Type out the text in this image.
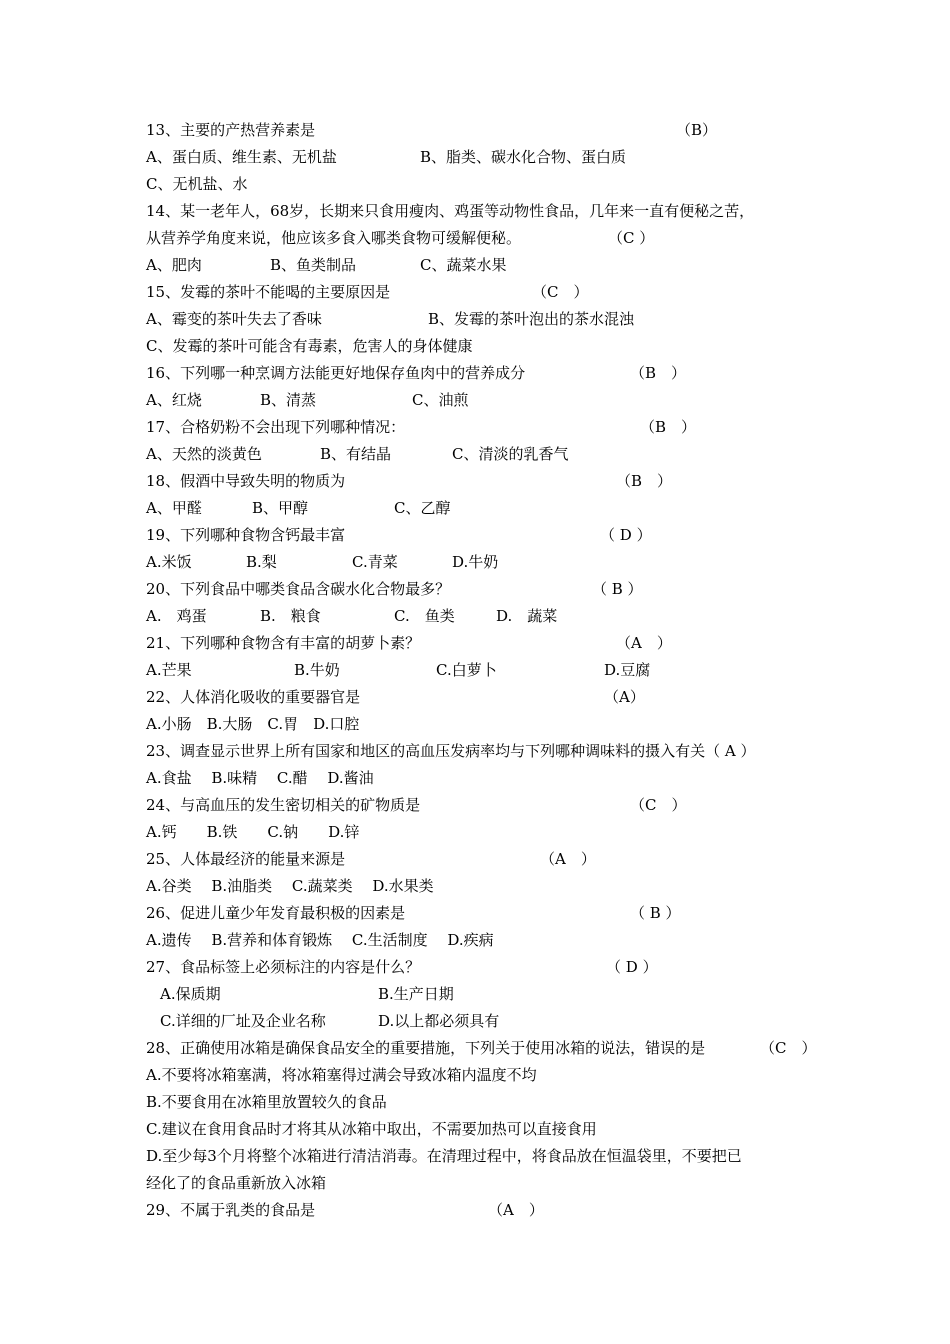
13、主要的产热营养素是	（B）
A、蛋白质、维生素、无机盐	B、脂类、碳水化合物、蛋白质
C、无机盐、水
14、某一老年人，68岁，长期来只食用瘦肉、鸡蛋等动物性食品，几年来一直有便秘之苦，
从营养学角度来说，他应该多食入哪类食物可缓解便秘。	（C ）
A、肥肉	B、鱼类制品	C、蔬菜水果
15、发霉的茶叶不能喝的主要原因是	（C　）
A、霉变的茶叶失去了香味	B、发霉的茶叶泡出的茶水混浊
C、发霉的茶叶可能含有毒素，危害人的身体健康
16、下列哪一种烹调方法能更好地保存鱼肉中的营养成分	（B　）
A、红烧	B、清蒸	C、油煎
17、合格奶粉不会出现下列哪种情况：	（B　）
A、天然的淡黄色	B、有结晶	C、清淡的乳香气
18、假酒中导致失明的物质为	（B　）
A、甲醛	B、甲醇	C、乙醇
19、下列哪种食物含钙最丰富	（ D ）
A.米饭	B.梨	C.青菜	D.牛奶
20、下列食品中哪类食品含碳水化合物最多？	（ B ）
A.　鸡蛋	B.　粮食	C.　鱼类	D.　蔬菜
21、下列哪种食物含有丰富的胡萝卜素？	（A　）
A.芒果	B.牛奶	C.白萝卜	D.豆腐
22、人体消化吸收的重要器官是	（A）
A.小肠　B.大肠　C.胃　D.口腔
23、调查显示世界上所有国家和地区的高血压发病率均与下列哪种调味料的摄入有关（ A ）
A.食盐　 B.味精　 C.醋　 D.酱油
24、与高血压的发生密切相关的矿物质是	（C　）
A.钙　　B.铁　　C.钠　　D.锌
25、人体最经济的能量来源是	（A　）
A.谷类　 B.油脂类　 C.蔬菜类　 D.水果类
26、促进儿童少年发育最积极的因素是	（ B ）
A.遗传　 B.营养和体育锻炼　 C.生活制度　 D.疾病
27、食品标签上必须标注的内容是什么？	（ D ）
A.保质期	B.生产日期
C.详细的厂址及企业名称	D.以上都必须具有
28、正确使用冰箱是确保食品安全的重要措施，下列关于使用冰箱的说法，错误的是	（C　）
A.不要将冰箱塞满，将冰箱塞得过满会导致冰箱内温度不均
B.不要食用在冰箱里放置较久的食品
C.建议在食用食品时才将其从冰箱中取出，不需要加热可以直接食用
D.至少每3个月将整个冰箱进行清洁消毒。在清理过程中，将食品放在恒温袋里，不要把已
经化了的食品重新放入冰箱
29、不属于乳类的食品是	（A　）
